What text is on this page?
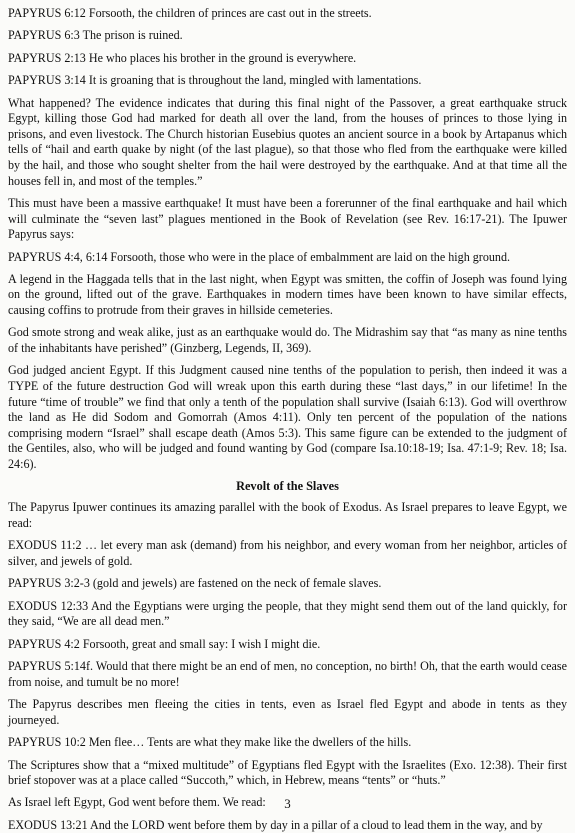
PAPYRUS 6:12 Forsooth, the children of princes are cast out in the streets.

PAPYRUS 6:3 The prison is ruined.

PAPYRUS 2:13 He who places his brother in the ground is everywhere.

PAPYRUS 3:14 It is groaning that is throughout the land, mingled with lamentations.

What happened? The evidence indicates that during this final night of the Passover, a great earthquake struck Egypt, killing those God had marked for death all over the land, from the houses of princes to those lying in prisons, and even livestock. The Church historian Eusebius quotes an ancient source in a book by Artapanus which tells of “hail and earth quake by night (of the last plague), so that those who fled from the earthquake were killed by the hail, and those who sought shelter from the hail were destroyed by the earthquake. And at that time all the houses fell in, and most of the temples.”

This must have been a massive earthquake! It must have been a forerunner of the final earthquake and hail which will culminate the “seven last” plagues mentioned in the Book of Revelation (see Rev. 16:17-21). The Ipuwer Papyrus says:

PAPYRUS 4:4, 6:14 Forsooth, those who were in the place of embalmment are laid on the high ground.

A legend in the Haggada tells that in the last night, when Egypt was smitten, the coffin of Joseph was found lying on the ground, lifted out of the grave. Earthquakes in modern times have been known to have similar effects, causing coffins to protrude from their graves in hillside cemeteries.

God smote strong and weak alike, just as an earthquake would do. The Midrashim say that “as many as nine tenths of the inhabitants have perished” (Ginzberg, Legends, II, 369).

God judged ancient Egypt. If this Judgment caused nine tenths of the population to perish, then indeed it was a TYPE of the future destruction God will wreak upon this earth during these “last days,” in our lifetime! In the future “time of trouble” we find that only a tenth of the population shall survive (Isaiah 6:13). God will overthrow the land as He did Sodom and Gomorrah (Amos 4:11). Only ten percent of the population of the nations comprising modern “Israel” shall escape death (Amos 5:3). This same figure can be extended to the judgment of the Gentiles, also, who will be judged and found wanting by God (compare Isa.10:18-19; Isa. 47:1-9; Rev. 18; Isa. 24:6).

Revolt of the Slaves

The Papyrus Ipuwer continues its amazing parallel with the book of Exodus. As Israel prepares to leave Egypt, we read:

EXODUS 11:2 … let every man ask (demand) from his neighbor, and every woman from her neighbor, articles of silver, and jewels of gold.

PAPYRUS 3:2-3 (gold and jewels) are fastened on the neck of female slaves.

EXODUS 12:33 And the Egyptians were urging the people, that they might send them out of the land quickly, for they said, “We are all dead men.”

PAPYRUS 4:2 Forsooth, great and small say: I wish I might die.

PAPYRUS 5:14f. Would that there might be an end of men, no conception, no birth! Oh, that the earth would cease from noise, and tumult be no more!

The Papyrus describes men fleeing the cities in tents, even as Israel fled Egypt and abode in tents as they journeyed.

PAPYRUS 10:2 Men flee… Tents are what they make like the dwellers of the hills.

The Scriptures show that a “mixed multitude” of Egyptians fled Egypt with the Israelites (Exo. 12:38). Their first brief stopover was at a place called “Succoth,” which, in Hebrew, means “tents” or “huts.”

As Israel left Egypt, God went before them. We read:

EXODUS 13:21 And the LORD went before them by day in a pillar of a cloud to lead them in the way, and by

3
